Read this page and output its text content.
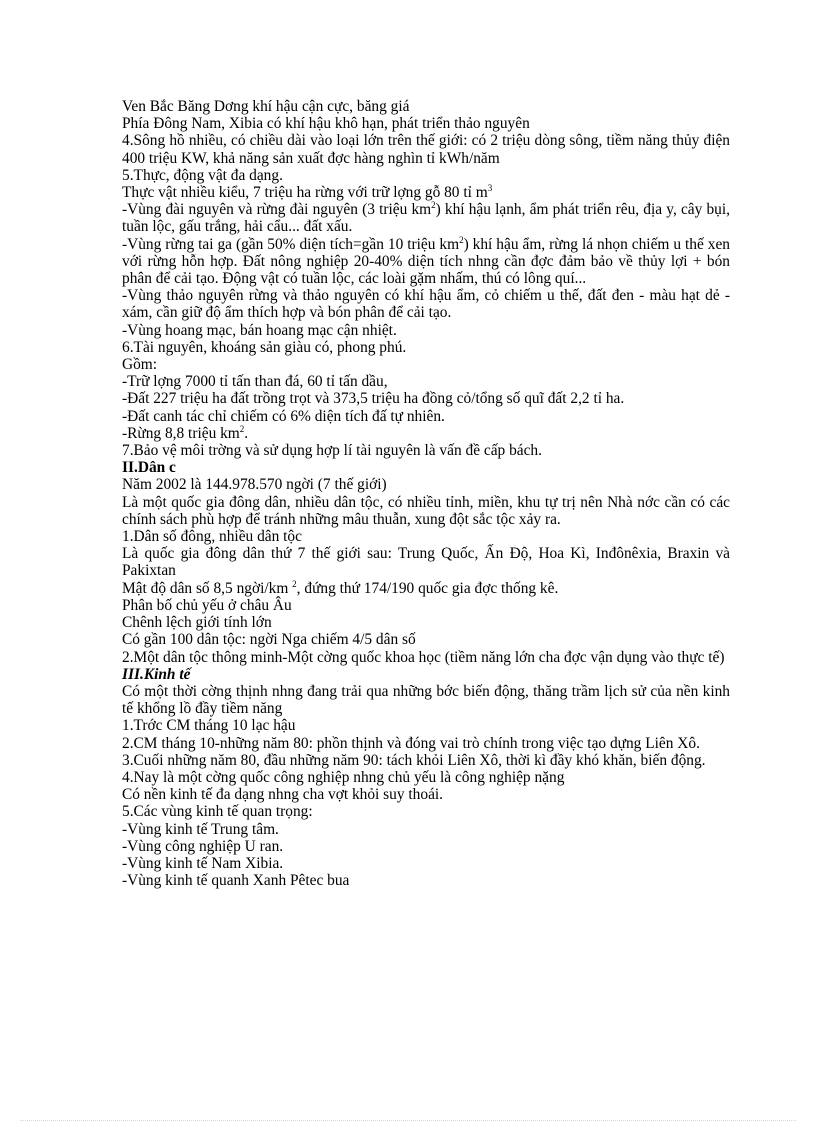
Ven Bắc Băng Dơng khí hậu cận cực, băng giá

Phía Đông Nam, Xibia có khí hậu khô hạn, phát triển thảo nguyên

4.Sông hồ nhiều, có chiều dài vào loại lớn trên thế giới: có 2 triệu dòng sông, tiềm năng thủy điện 400 triệu KW, khả năng sản xuất đợc hàng nghìn tỉ kWh/năm

5.Thực, động vật đa dạng.

Thực vật nhiều kiểu, 7 triệu ha rừng với trữ lợng gỗ 80 tỉ $m^3$

-Vùng đài nguyên và rừng đài nguyên (3 triệu $km^2$) khí hậu lạnh, ẩm phát triển rêu, địa y, cây bụi, tuần lộc, gấu trắng, hải cẩu... đất xấu.

-Vùng rừng tai ga (gần 50% diện tích=gần 10 triệu $km^2$) khí hậu ẩm, rừng lá nhọn chiếm u thế xen với rừng hỗn hợp. Đất nông nghiệp 20-40% diện tích nhng cần đợc đảm bảo về thủy lợi + bón phân để cải tạo. Động vật có tuần lộc, các loài gặm nhấm, thú có lông quí...

-Vùng thảo nguyên rừng và thảo nguyên có khí hậu ẩm, cỏ chiếm u thế, đất đen - màu hạt dẻ - xám, cần giữ độ ẩm thích hợp và bón phân để cải tạo.

-Vùng hoang mạc, bán hoang mạc cận nhiệt.

6.Tài nguyên, khoáng sản giàu có, phong phú.

Gồm:

-Trữ lợng 7000 tỉ tấn than đá, 60 tỉ tấn dầu,

-Đất 227 triệu ha đất trồng trọt và 373,5 triệu ha đồng cỏ/tổng số quĩ đất 2,2 tỉ ha.

-Đất canh tác chỉ chiếm có 6% diện tích đấ tự nhiên.

-Rừng 8,8 triệu $km^2$.

7.Bảo vệ môi trờng và sử dụng hợp lí tài nguyên là vấn đề cấp bách.

II.Dân c

Năm 2002 là 144.978.570 ngời (7 thế giới)

Là một quốc gia đông dân, nhiều dân tộc, có nhiều tỉnh, miền, khu tự trị nên Nhà nớc cần có các chính sách phù hợp để tránh những mâu thuẫn, xung đột sắc tộc xảy ra.

1.Dân số đông, nhiều dân tộc

Là quốc gia đông dân thứ 7 thế giới sau: Trung Quốc, Ấn Độ, Hoa Kì, Inđônêxia, Braxin và Pakixtan

Mật độ dân số 8,5 ngời/km $^2$, đứng thứ 174/190 quốc gia đợc thống kê.

Phân bố chủ yếu ở châu Âu

Chênh lệch giới tính lớn

Có gần 100 dân tộc: ngời Nga chiếm 4/5 dân số

2.Một dân tộc thông minh-Một cờng quốc khoa học (tiềm năng lớn cha đợc vận dụng vào thực tế)

III.Kinh tế

Có một thời cờng thịnh nhng đang trải qua những bớc biến động, thăng trầm lịch sử của nền kinh tế khổng lồ đầy tiềm năng

1.Trớc CM tháng 10 lạc hậu

2.CM tháng 10-những năm 80: phồn thịnh và đóng vai trò chính trong việc tạo dựng Liên Xô.

3.Cuối những năm 80, đầu những năm 90: tách khỏi Liên Xô, thời kì đầy khó khăn, biến động.

4.Nay là một cờng quốc công nghiệp nhng chủ yếu là công nghiệp nặng

Có nền kinh tế đa dạng nhng cha vợt khỏi suy thoái.

5.Các vùng kinh tế quan trọng:

-Vùng kinh tế Trung tâm.

-Vùng công nghiệp U ran.

-Vùng kinh tế Nam Xibia.

-Vùng kinh tế quanh Xanh Pêtec bua
